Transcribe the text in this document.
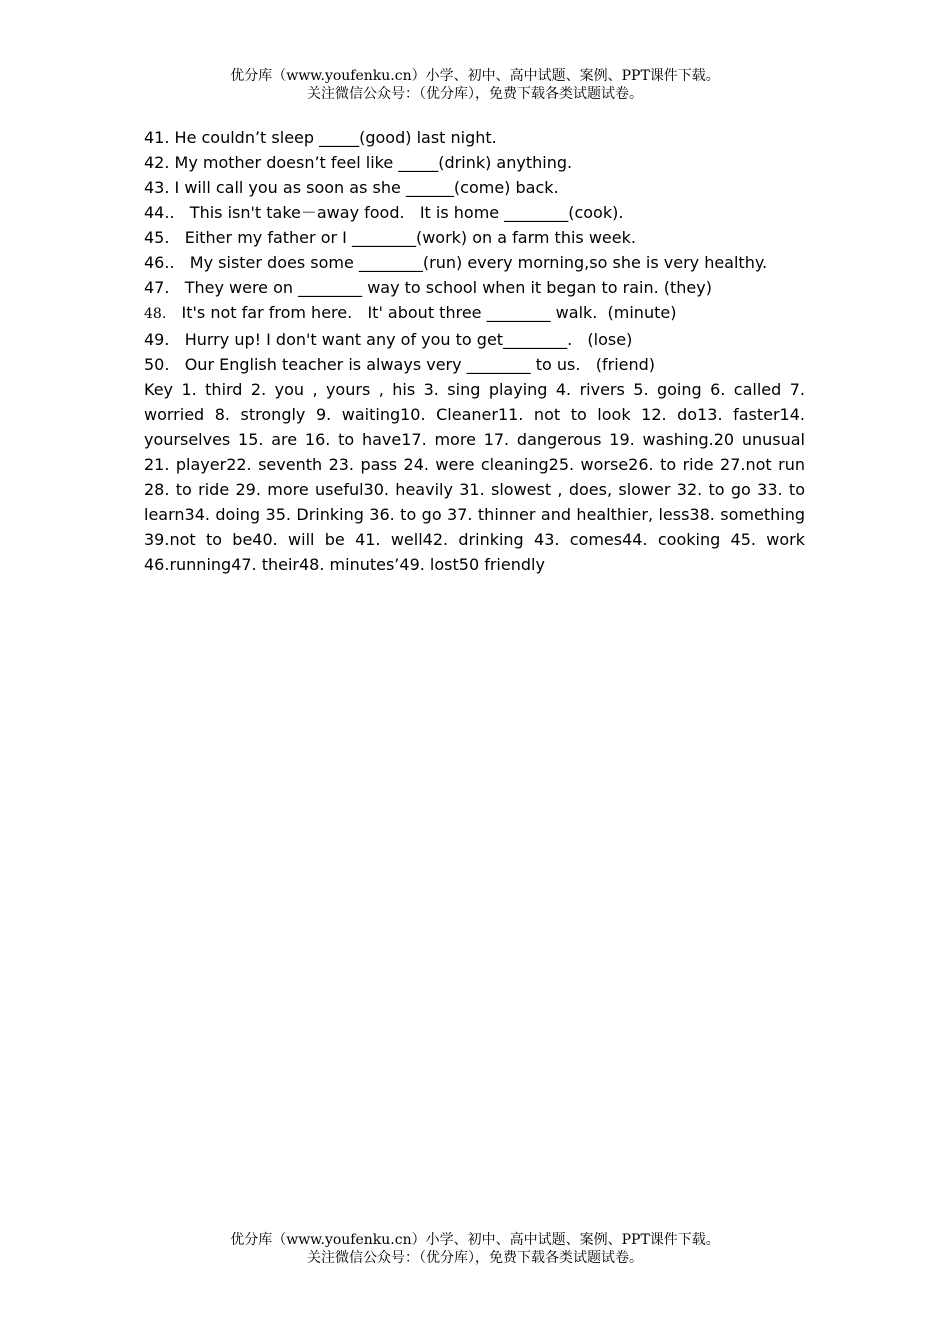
优分库（www.youfenku.cn）小学、初中、高中试题、案例、PPT课件下载。
关注微信公众号：（优分库），免费下载各类试题试卷。
41. He couldn’t sleep _____(good) last night.
42. My mother doesn’t feel like _____(drink) anything.
43. I will call you as soon as she ______(come) back.
44..   This isn't take－away food.   It is home ________(cook).
45.   Either my father or I ________(work) on a farm this week.
46..   My sister does some ________(run) every morning,so she is very healthy.
47.   They were on ________ way to school when it began to rain. (they)
48.   It's not far from here.   It' about three ________ walk.  (minute)
49.   Hurry up! I don't want any of you to get________.   (lose)
50.   Our English teacher is always very ________ to us.   (friend)
Key 1. third 2. you , yours , his 3. sing playing 4. rivers 5. going 6. called 7. worried 8. strongly 9. waiting10. Cleaner11. not to look 12. do13. faster14. yourselves 15. are 16. to have17. more 17. dangerous 19. washing.20 unusual 21. player22. seventh 23. pass 24. were cleaning25. worse26. to ride 27.not run 28. to ride 29. more useful30. heavily 31. slowest , does, slower 32. to go 33. to learn34. doing 35. Drinking 36. to go 37. thinner and healthier, less38. something 39.not to be40. will be 41. well42. drinking 43. comes44. cooking 45. work 46.running47. their48. minutes’49. lost50 friendly
优分库（www.youfenku.cn）小学、初中、高中试题、案例、PPT课件下载。
关注微信公众号：（优分库），免费下载各类试题试卷。
